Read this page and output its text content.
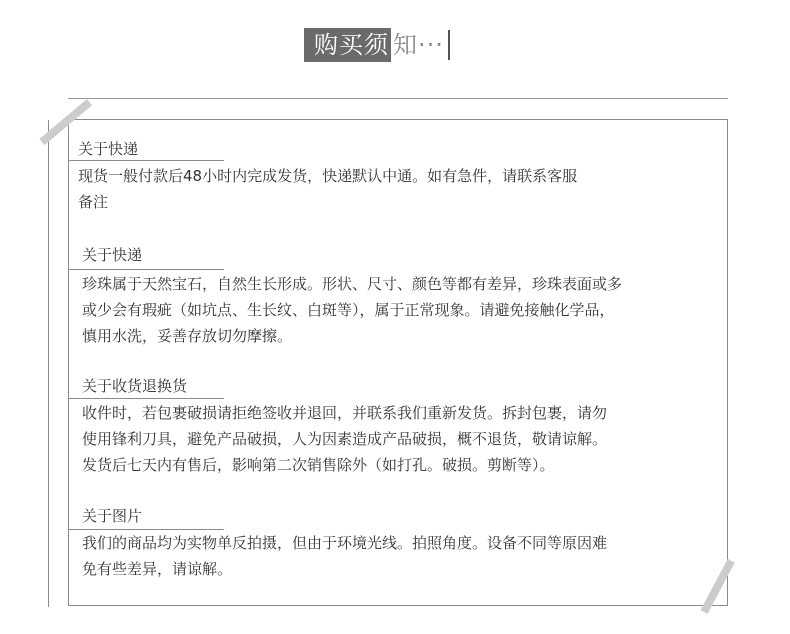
购买须 知···
关于快递

现货一般付款后48小时内完成发货，快递默认中通。如有急件，请联系客服
备注

关于快递

珍珠属于天然宝石，自然生长形成。形状、尺寸、颜色等都有差异，珍珠表面或多
或少会有瑕疵（如坑点、生长纹、白斑等），属于正常现象。请避免接触化学品，
慎用水洗，妥善存放切勿摩擦。

关于收货退换货

收件时，若包裹破损请拒绝签收并退回，并联系我们重新发货。拆封包裹，请勿
使用锋利刀具，避免产品破损，人为因素造成产品破损，概不退货，敬请谅解。
发货后七天内有售后，影响第二次销售除外（如打孔。破损。剪断等）。

关于图片

我们的商品均为实物单反拍摄，但由于环境光线。拍照角度。设备不同等原因难
免有些差异，请谅解。
